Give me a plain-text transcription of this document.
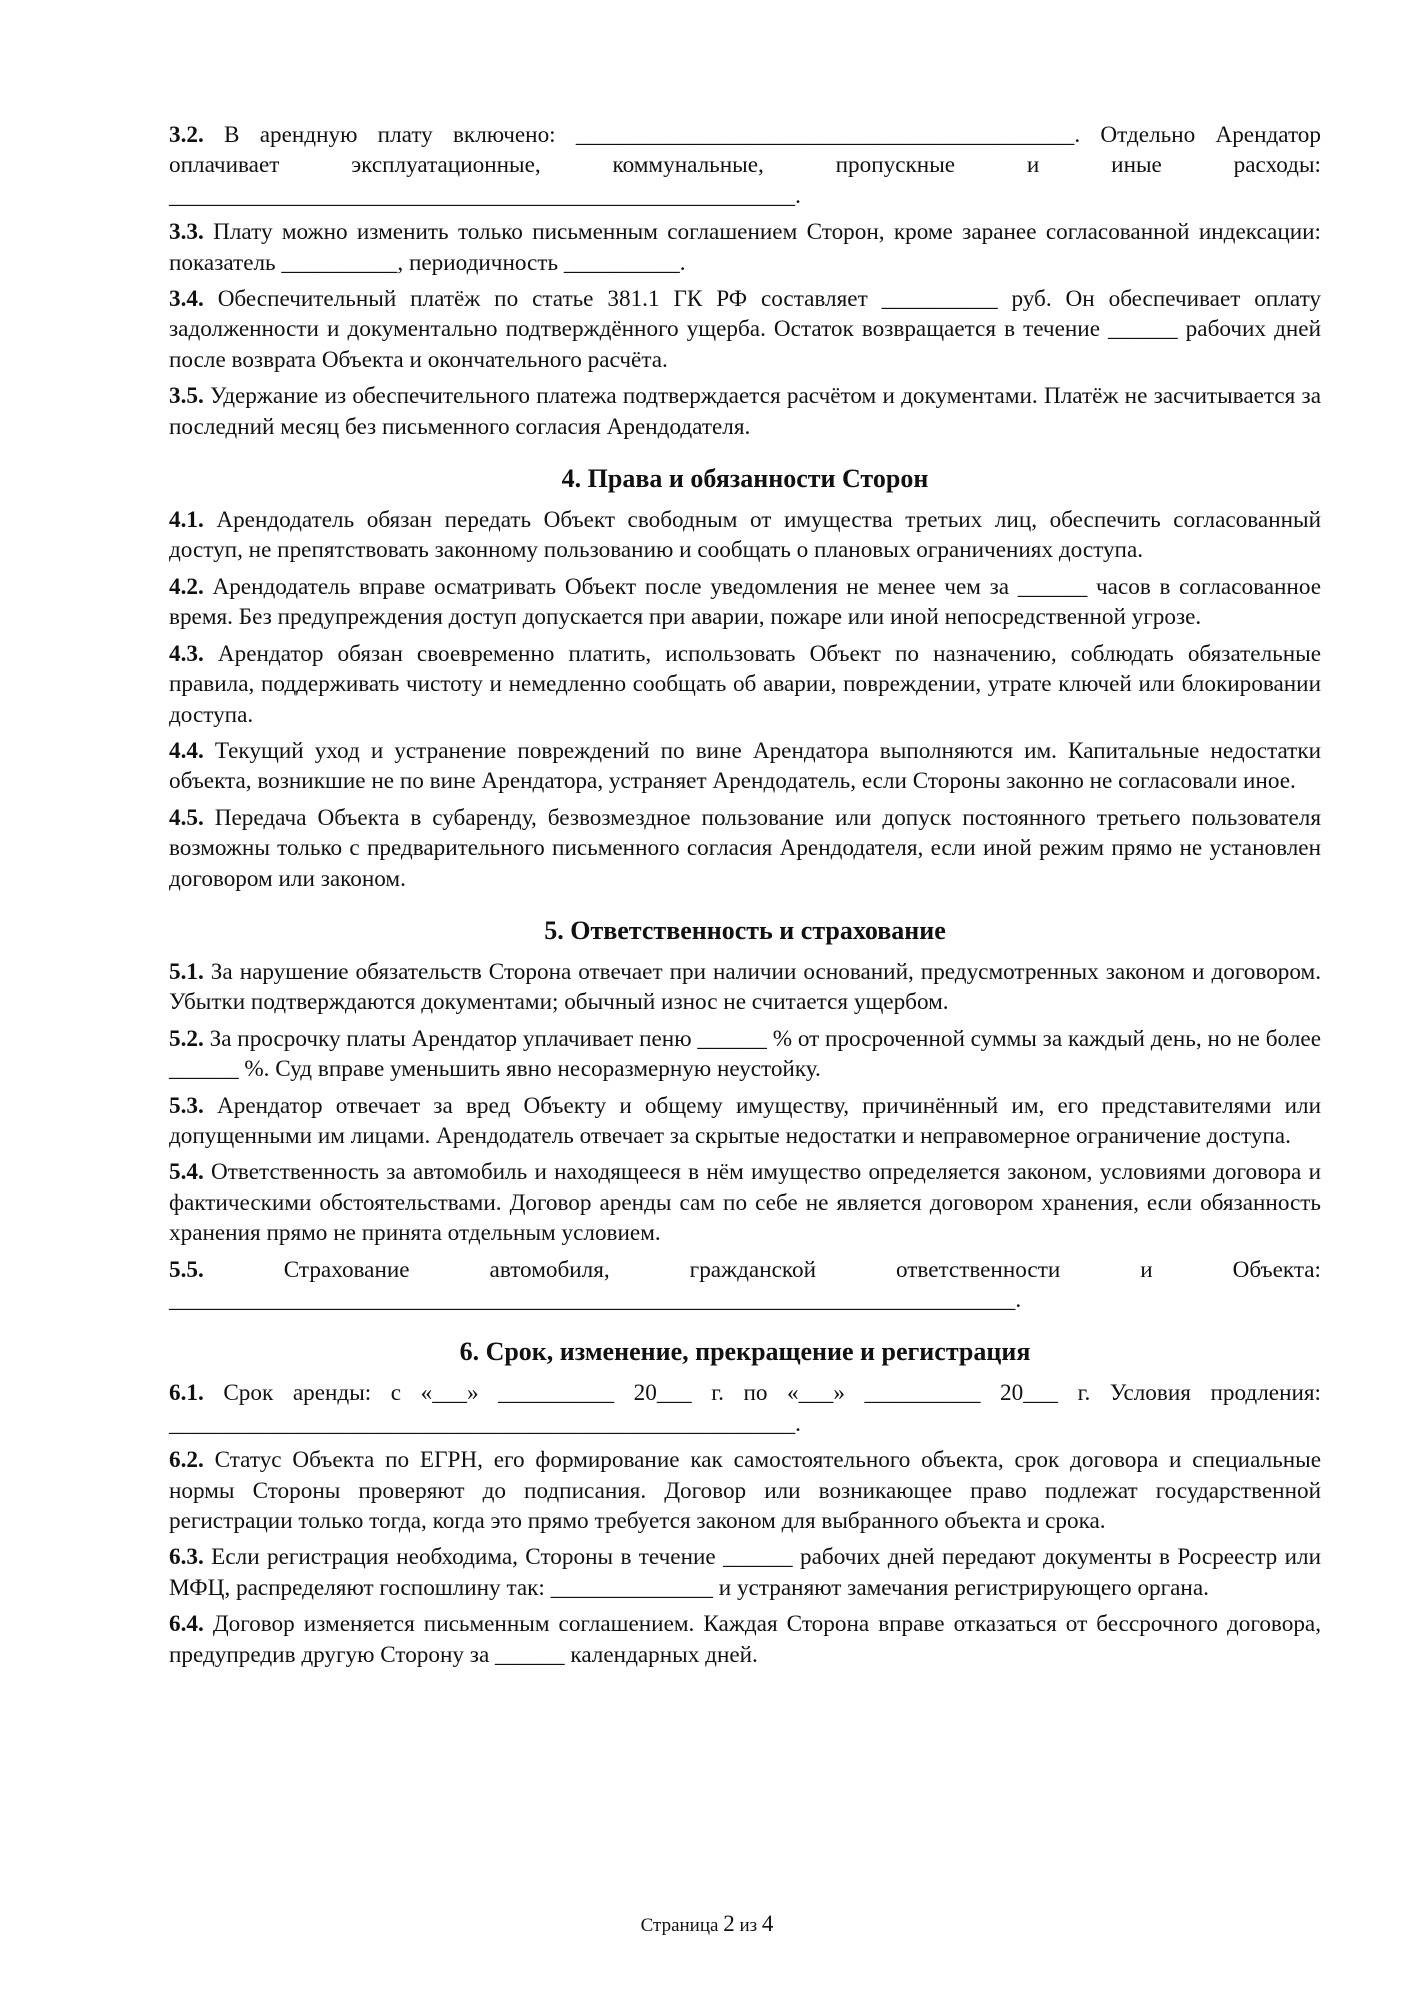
3.2. В арендную плату включено: ___________________________________________. Отдельно Арендатор оплачивает эксплуатационные, коммунальные, пропускные и иные расходы: ______________________________________________________.

3.3. Плату можно изменить только письменным соглашением Сторон, кроме заранее согласованной индексации: показатель __________, периодичность __________.

3.4. Обеспечительный платёж по статье 381.1 ГК РФ составляет __________ руб. Он обеспечивает оплату задолженности и документально подтверждённого ущерба. Остаток возвращается в течение ______ рабочих дней после возврата Объекта и окончательного расчёта.

3.5. Удержание из обеспечительного платежа подтверждается расчётом и документами. Платёж не засчитывается за последний месяц без письменного согласия Арендодателя.

4. Права и обязанности Сторон

4.1. Арендодатель обязан передать Объект свободным от имущества третьих лиц, обеспечить согласованный доступ, не препятствовать законному пользованию и сообщать о плановых ограничениях доступа.

4.2. Арендодатель вправе осматривать Объект после уведомления не менее чем за ______ часов в согласованное время. Без предупреждения доступ допускается при аварии, пожаре или иной непосредственной угрозе.

4.3. Арендатор обязан своевременно платить, использовать Объект по назначению, соблюдать обязательные правила, поддерживать чистоту и немедленно сообщать об аварии, повреждении, утрате ключей или блокировании доступа.

4.4. Текущий уход и устранение повреждений по вине Арендатора выполняются им. Капитальные недостатки объекта, возникшие не по вине Арендатора, устраняет Арендодатель, если Стороны законно не согласовали иное.

4.5. Передача Объекта в субаренду, безвозмездное пользование или допуск постоянного третьего пользователя возможны только с предварительного письменного согласия Арендодателя, если иной режим прямо не установлен договором или законом.

5. Ответственность и страхование

5.1. За нарушение обязательств Сторона отвечает при наличии оснований, предусмотренных законом и договором. Убытки подтверждаются документами; обычный износ не считается ущербом.

5.2. За просрочку платы Арендатор уплачивает пеню ______ % от просроченной суммы за каждый день, но не более ______ %. Суд вправе уменьшить явно несоразмерную неустойку.

5.3. Арендатор отвечает за вред Объекту и общему имуществу, причинённый им, его представителями или допущенными им лицами. Арендодатель отвечает за скрытые недостатки и неправомерное ограничение доступа.

5.4. Ответственность за автомобиль и находящееся в нём имущество определяется законом, условиями договора и фактическими обстоятельствами. Договор аренды сам по себе не является договором хранения, если обязанность хранения прямо не принята отдельным условием.

5.5.	Страхование автомобиля, гражданской ответственности и Объекта: _________________________________________________________________________.

6. Срок, изменение, прекращение и регистрация

6.1. Срок аренды: с «___» __________ 20___ г. по «___» __________ 20___ г. Условия продления: ______________________________________________________.

6.2. Статус Объекта по ЕГРН, его формирование как самостоятельного объекта, срок договора и специальные нормы Стороны проверяют до подписания. Договор или возникающее право подлежат государственной регистрации только тогда, когда это прямо требуется законом для выбранного объекта и срока.

6.3. Если регистрация необходима, Стороны в течение ______ рабочих дней передают документы в Росреестр или МФЦ, распределяют госпошлину так: ______________ и устраняют замечания регистрирующего органа.

6.4. Договор изменяется письменным соглашением. Каждая Сторона вправе отказаться от бессрочного договора, предупредив другую Сторону за ______ календарных дней.

Страница 2 из 4
